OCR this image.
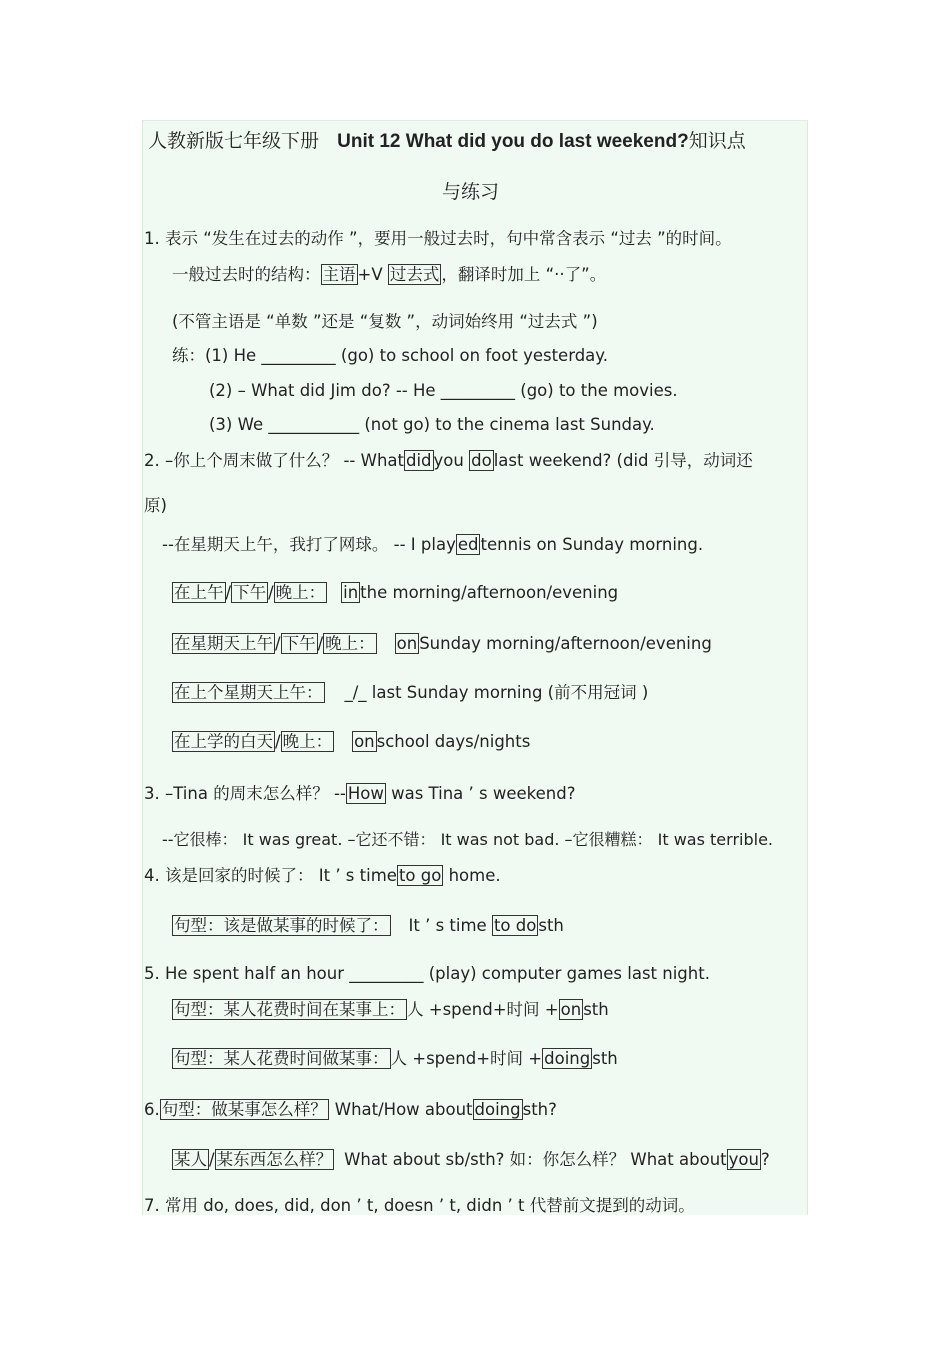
人教新版七年级下册 Unit 12 What did you do last weekend?知识点
与练习
1. 表示 “发生在过去的动作 ”，要用一般过去时，句中常含表示 “过去 ”的时间。
一般过去时的结构： 主语 +V 过去式 ，翻译时加上 “··了”。
(不管主语是 “单数 ”还是 “复数 ”，动词始终用 “过去式 ”)
练：(1) He _________ (go) to school on foot yesterday.
(2) – What did Jim do? -- He _________ (go) to the movies.
(3) We ___________ (not go) to the cinema last Sunday.
2. –你上个周末做了什么？ -- What did you do last weekend? (did 引导，动词还
原)
--在星期天上午，我打了网球。 -- I play ed tennis on Sunday morning.
在上午 / 下午 / 晚上： in the morning/afternoon/evening
在星期天上午 / 下午 / 晚上： on Sunday morning/afternoon/evening
在上个星期天上午： _/_ last Sunday morning (前不用冠词 )
在上学的白天 / 晚上： on school days/nights
3. –Tina 的周末怎么样？ -- How was Tina ’ s weekend?
--它很棒： It was great. –它还不错： It was not bad. –它很糟糕： It was terrible.
4. 该是回家的时候了： It ’ s time to go home.
句型：该是做某事的时候了： It ’ s time to do sth
5. He spent half an hour _________ (play) computer games last night.
句型：某人花费时间在某事上： 人 +spend+时间 + on sth
句型：某人花费时间做某事： 人 +spend+时间 + doing sth
6. 句型：做某事怎么样？ What/How about doing sth?
某人 / 某东西怎么样？ What about sb/sth? 如：你怎么样？ What about you ?
7. 常用 do, does, did, don ’ t, doesn ’ t, didn ’ t 代替前文提到的动词。
